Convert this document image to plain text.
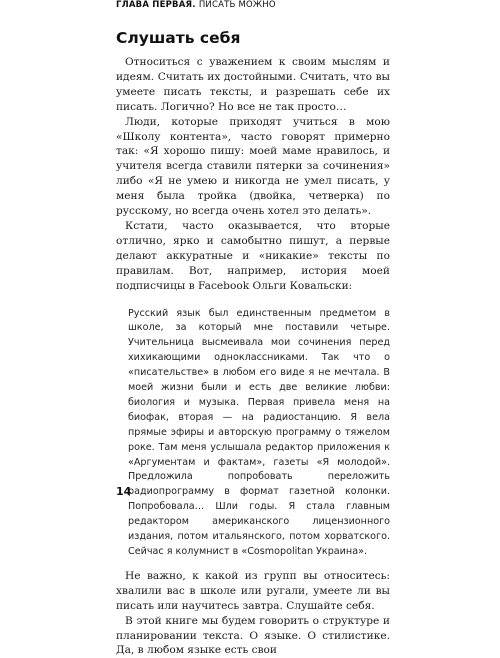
ГЛАВА ПЕРВАЯ. ПИСАТЬ МОЖНО
Слушать себя

Относиться с уважением к своим мыслям и идеям. Считать их достойными. Считать, что вы умеете писать тексты, и разрешать себе их писать. Логично? Но все не так просто…

Люди, которые приходят учиться в мою «Школу контента», часто говорят примерно так: «Я хорошо пишу: моей маме нравилось, и учителя всегда ставили пятерки за сочинения» либо «Я не умею и никогда не умел писать, у меня была тройка (двойка, четверка) по русскому, но всегда очень хотел это делать».

Кстати, часто оказывается, что вторые отлично, ярко и самобытно пишут, а первые делают аккуратные и «никакие» тексты по правилам. Вот, например, история моей подписчицы в Facebook Ольги Ковальски:

Русский язык был единственным предметом в школе, за который мне поставили четыре. Учительница высмеивала мои сочинения перед хихикающими одноклассниками. Так что о «писательстве» в любом его виде я не мечтала. В моей жизни были и есть две великие любви: биология и музыка. Первая привела меня на биофак, вторая — на радиостанцию. Я вела прямые эфиры и авторскую программу о тяжелом роке. Там меня услышала редактор приложения к «Аргументам и фактам», газеты «Я молодой». Предложила попробовать переложить радиопрограмму в формат газетной колонки. Попробовала… Шли годы. Я стала главным редактором американского лицензионного издания, потом итальянского, потом хорватского. Сейчас я колумнист в «Cosmopolitan Украина».

Не важно, к какой из групп вы относитесь: хвалили вас в школе или ругали, умеете ли вы писать или научитесь завтра. Слушайте себя.

В этой книге мы будем говорить о структуре и планировании текста. О языке. О стилистике. Да, в любом языке есть свои

14
